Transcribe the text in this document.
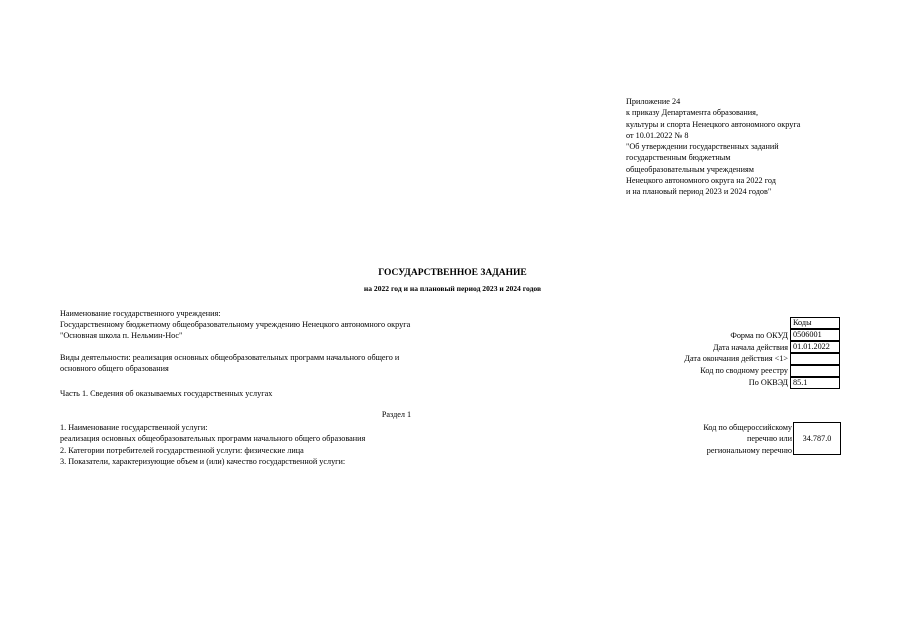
Приложение 24
к приказу Департамента образования,
культуры и спорта Ненецкого автономного округа
от 10.01.2022 № 8
"Об утверждении государственных заданий
государственным бюджетным
общеобразовательным учреждениям
Ненецкого автономного округа на 2022 год
и на плановый период 2023 и 2024 годов"
ГОСУДАРСТВЕННОЕ ЗАДАНИЕ
на 2022 год и на плановый период 2023 и 2024 годов
Наименование государственного учреждения:
Государственному бюджетному общеобразовательному учреждению Ненецкого автономного округа
"Основная школа п. Нельмин-Нос"
Виды деятельности: реализация основных общеобразовательных программ начального общего и
основного общего образования
Коды
Форма по ОКУД 0506001
Дата начала действия 01.01.2022
Дата окончания действия <1>
Код по сводному реестру
По ОКВЭД 85.1
Часть 1. Сведения об оказываемых государственных услугах
Раздел 1
1. Наименование государственной услуги:
реализация основных общеобразовательных программ начального общего образования
2. Категории потребителей государственной услуги: физические лица
3. Показатели, характеризующие объем и (или) качество государственной услуги:
Код по общероссийскому
перечню или
региональному перечню
34.787.0
